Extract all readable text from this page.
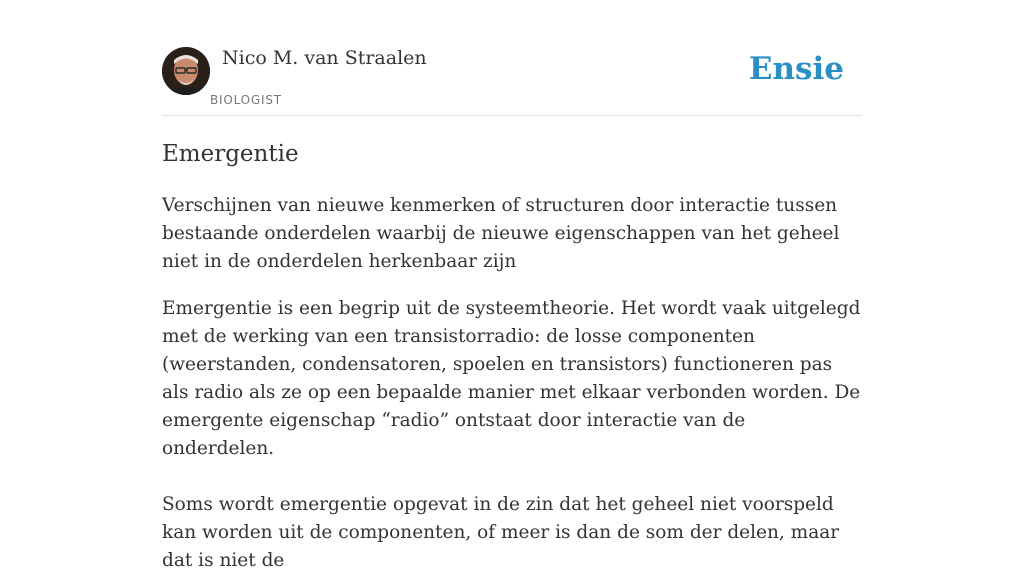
Nico M. van Straalen
BIOLOGIST
Ensie
Emergentie

Verschijnen van nieuwe kenmerken of structuren door interactie tussen bestaande onderdelen waarbij de nieuwe eigenschappen van het geheel niet in de onderdelen herkenbaar zijn

Emergentie is een begrip uit de systeemtheorie. Het wordt vaak uitgelegd met de werking van een transistorradio: de losse componenten (weerstanden, condensatoren, spoelen en transistors) functioneren pas als radio als ze op een bepaalde manier met elkaar verbonden worden. De emergente eigenschap “radio” ontstaat door interactie van de onderdelen.

Soms wordt emergentie opgevat in de zin dat het geheel niet voorspeld kan worden uit de componenten, of meer is dan de som der delen, maar dat is niet de
